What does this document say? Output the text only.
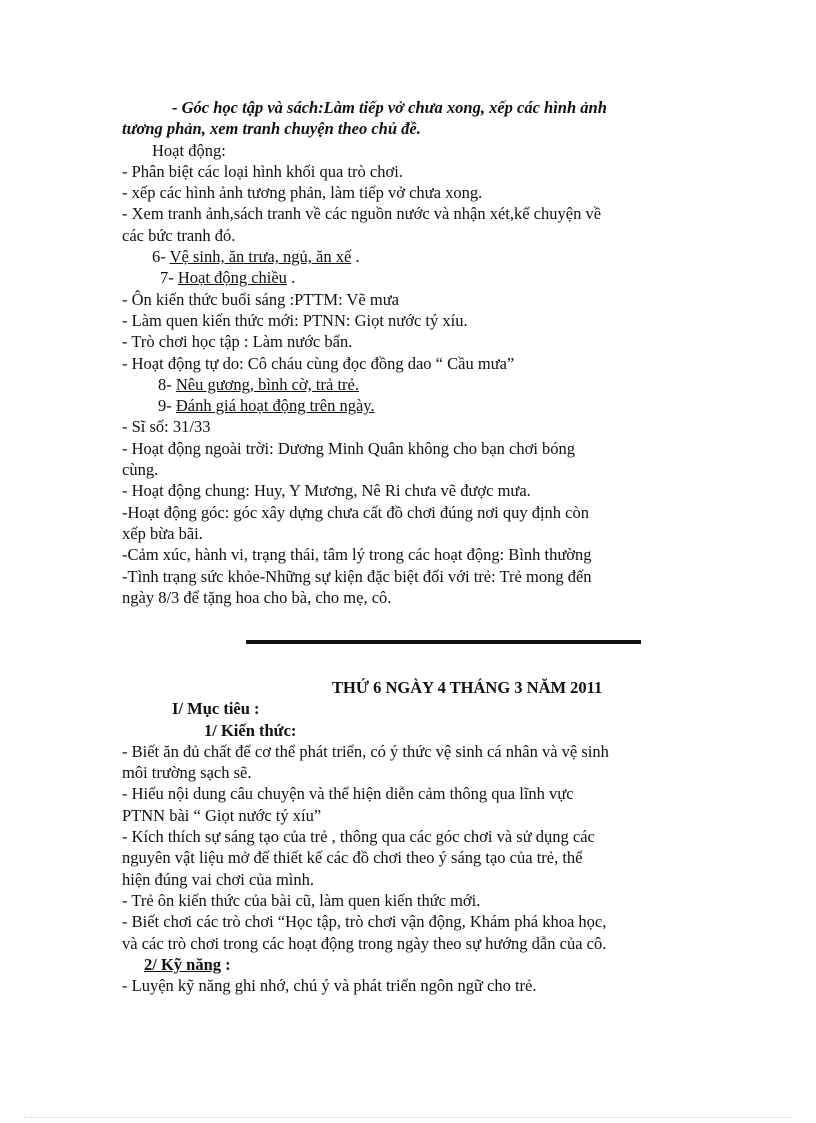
- Góc học tập và sách:Làm tiếp vở chưa xong, xếp các hình ảnh
tương phản, xem tranh chuyện theo chủ đề.
Hoạt động:
- Phân biệt các loại hình khối qua trò chơi.
- xếp các hình ảnh tương phản, làm tiếp vở chưa xong.
- Xem tranh ảnh,sách tranh về các nguồn nước và nhận xét,kể chuyện về
các bức tranh đó.
6- Vệ sinh, ăn trưa, ngủ, ăn xế .
7- Hoạt động chiều .
- Ôn kiến thức buổi sáng :PTTM: Vẽ mưa
- Làm quen kiến thức mới: PTNN: Giọt nước tý xíu.
- Trò chơi học tập : Làm nước bẩn.
- Hoạt động tự do: Cô cháu cùng đọc đồng dao “ Cầu mưa”
8- Nêu gương, bình cờ, trả trẻ.
9- Đánh giá hoạt động trên ngày.
- Sĩ số: 31/33
- Hoạt động ngoài trời: Dương Minh Quân không cho bạn chơi bóng
cùng.
- Hoạt động chung: Huy, Y Mương, Nê Ri chưa vẽ được mưa.
-Hoạt động góc: góc xây dựng chưa cất đồ chơi đúng nơi quy định còn
xếp bừa bãi.
-Cảm xúc, hành vi, trạng thái, tâm lý trong các hoạt động: Bình thường
-Tình trạng sức khỏe-Những sự kiện đặc biệt đối với trẻ: Trẻ mong đến
ngày 8/3 để tặng hoa cho bà, cho mẹ, cô.
THỨ 6 NGÀY 4 THÁNG 3 NĂM 2011
I/ Mục tiêu :
1/ Kiến thức:
- Biết ăn đủ chất để cơ thể phát triển, có ý thức vệ sinh cá nhân và vệ sinh
môi trường sạch sẽ.
- Hiểu nội dung câu chuyện và thể hiện diễn cảm thông qua lĩnh vực
PTNN bài “ Giọt nước tý xíu”
- Kích thích sự sáng tạo của trẻ , thông qua các góc chơi và sử dụng các
nguyên vật liệu mở để thiết kế các đồ chơi theo ý sáng tạo của trẻ, thể
hiện đúng vai chơi của mình.
- Trẻ ôn kiến thức của bài cũ, làm quen kiến thức mới.
- Biết chơi các trò chơi “Học tập, trò chơi vận động, Khám phá khoa học,
và các trò chơi trong các hoạt động trong ngày theo sự hướng dẫn của cô.
2/ Kỹ năng :
- Luyện kỹ năng ghi nhớ, chú ý và phát triển ngôn ngữ cho trẻ.
